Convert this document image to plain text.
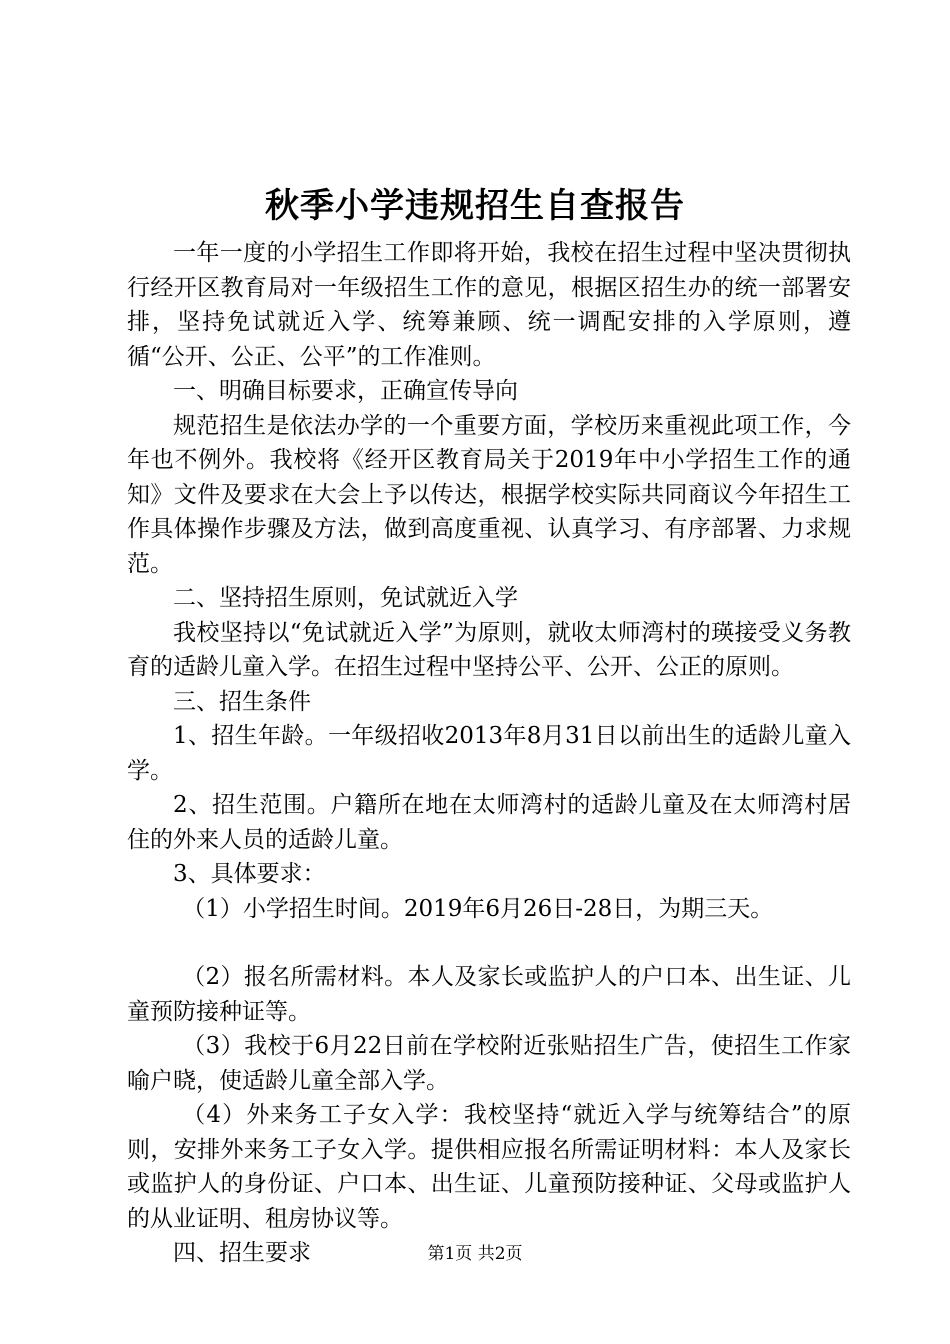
秋季小学违规招生自查报告

一年一度的小学招生工作即将开始，我校在招生过程中坚决贯彻执行经开区教育局对一年级招生工作的意见，根据区招生办的统一部署安排，坚持免试就近入学、统筹兼顾、统一调配安排的入学原则，遵循“公开、公正、公平”的工作准则。

一、明确目标要求，正确宣传导向

规范招生是依法办学的一个重要方面，学校历来重视此项工作，今年也不例外。我校将《经开区教育局关于2019年中小学招生工作的通知》文件及要求在大会上予以传达，根据学校实际共同商议今年招生工作具体操作步骤及方法，做到高度重视、认真学习、有序部署、力求规范。

二、坚持招生原则，免试就近入学

我校坚持以“免试就近入学”为原则，就收太师湾村的瑛接受义务教育的适龄儿童入学。在招生过程中坚持公平、公开、公正的原则。

三、招生条件

1、招生年龄。一年级招收2013年8月31日以前出生的适龄儿童入学。

2、招生范围。户籍所在地在太师湾村的适龄儿童及在太师湾村居住的外来人员的适龄儿童。

3、具体要求：

（1）小学招生时间。2019年6月26日-28日，为期三天。

（2）报名所需材料。本人及家长或监护人的户口本、出生证、儿童预防接种证等。

（3）我校于6月22日前在学校附近张贴招生广告，使招生工作家喻户晓，使适龄儿童全部入学。

（4）外来务工子女入学：我校坚持“就近入学与统筹结合”的原则，安排外来务工子女入学。提供相应报名所需证明材料：本人及家长或监护人的身份证、户口本、出生证、儿童预防接种证、父母或监护人的从业证明、租房协议等。

四、招生要求	第1页 共2页
